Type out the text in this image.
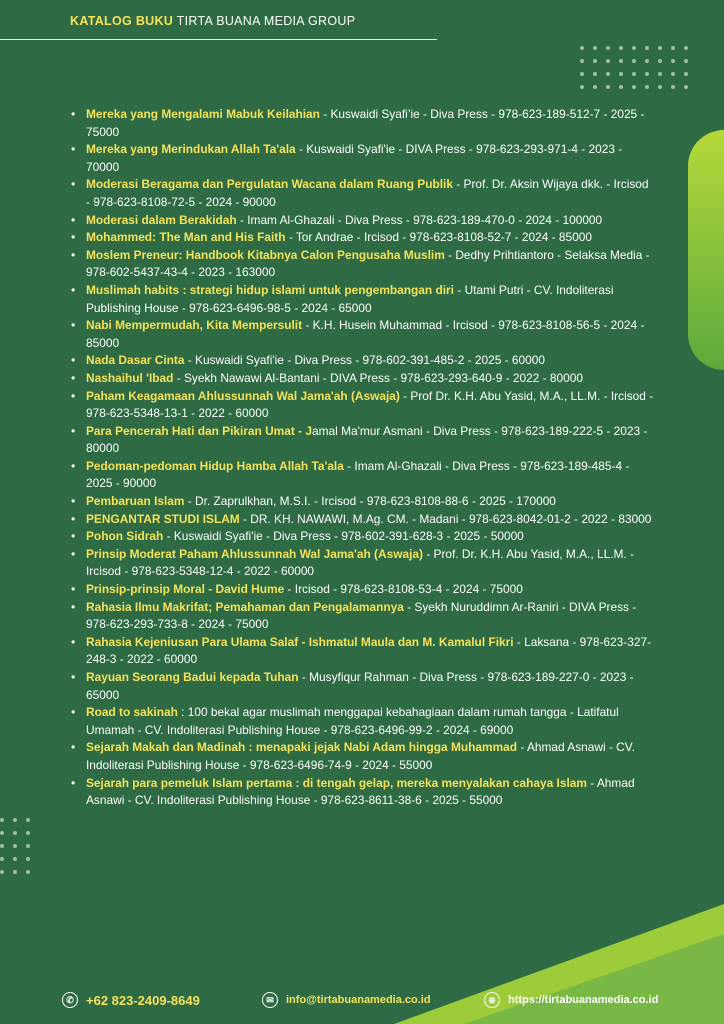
KATALOG BUKU TIRTA BUANA MEDIA GROUP
• Mereka yang Mengalami Mabuk Keilahian - Kuswaidi Syafi’ie - Diva Press - 978-623-189-512-7 - 2025 - 75000
• Mereka yang Merindukan Allah Ta'ala - Kuswaidi Syafi'ie - DIVA Press - 978-623-293-971-4 - 2023 - 70000
• Moderasi Beragama dan Pergulatan Wacana dalam Ruang Publik - Prof. Dr. Aksin Wijaya dkk. - Ircisod - 978-623-8108-72-5 - 2024 - 90000
• Moderasi dalam Berakidah - Imam Al-Ghazali - Diva Press - 978-623-189-470-0 - 2024 - 100000
• Mohammed: The Man and His Faith - Tor Andrae - Ircisod - 978-623-8108-52-7 - 2024 - 85000
• Moslem Preneur: Handbook Kitabnya Calon Pengusaha Muslim - Dedhy Prihtiantoro - Selaksa Media - 978-602-5437-43-4 - 2023 - 163000
• Muslimah habits : strategi hidup islami untuk pengembangan diri - Utami Putri - CV. Indoliterasi Publishing House - 978-623-6496-98-5 - 2024 - 65000
• Nabi Mempermudah, Kita Mempersulit - K.H. Husein Muhammad - Ircisod - 978-623-8108-56-5 - 2024 - 85000
• Nada Dasar Cinta - Kuswaidi Syafi'ie - Diva Press - 978-602-391-485-2 - 2025 - 60000
• Nashaihul 'Ibad - Syekh Nawawi Al-Bantani - DIVA Press - 978-623-293-640-9 - 2022 - 80000
• Paham Keagamaan Ahlussunnah Wal Jama'ah (Aswaja) - Prof Dr. K.H. Abu Yasid, M.A., LL.M. - Ircisod - 978-623-5348-13-1 - 2022 - 60000
• Para Pencerah Hati dan Pikiran Umat - Jamal Ma'mur Asmani - Diva Press - 978-623-189-222-5 - 2023 - 80000
• Pedoman-pedoman Hidup Hamba Allah Ta'ala - Imam Al-Ghazali - Diva Press - 978-623-189-485-4 - 2025 - 90000
• Pembaruan Islam - Dr. Zaprulkhan, M.S.I. - Ircisod - 978-623-8108-88-6 - 2025 - 170000
• PENGANTAR STUDI ISLAM - DR. KH. NAWAWI, M.Ag. CM. - Madani - 978-623-8042-01-2 - 2022 - 83000
• Pohon Sidrah - Kuswaidi Syafi'ie - Diva Press - 978-602-391-628-3 - 2025 - 50000
• Prinsip Moderat Paham Ahlussunnah Wal Jama'ah (Aswaja) - Prof. Dr. K.H. Abu Yasid, M.A., LL.M. - Ircisod - 978-623-5348-12-4 - 2022 - 60000
• Prinsip-prinsip Moral - David Hume - Ircisod - 978-623-8108-53-4 - 2024 - 75000
• Rahasia Ilmu Makrifat; Pemahaman dan Pengalamannya - Syekh Nuruddimn Ar-Raniri - DIVA Press - 978-623-293-733-8 - 2024 - 75000
• Rahasia Kejeniusan Para Ulama Salaf - Ishmatul Maula dan M. Kamalul Fikri - Laksana - 978-623-327-248-3 - 2022 - 60000
• Rayuan Seorang Badui kepada Tuhan - Musyfiqur Rahman - Diva Press - 978-623-189-227-0 - 2023 - 65000
• Road to sakinah : 100 bekal agar muslimah menggapai kebahagiaan dalam rumah tangga - Latifatul Umamah - CV. Indoliterasi Publishing House - 978-623-6496-99-2 - 2024 - 69000
• Sejarah Makah dan Madinah : menapaki jejak Nabi Adam hingga Muhammad - Ahmad Asnawi - CV. Indoliterasi Publishing House - 978-623-6496-74-9 - 2024 - 55000
• Sejarah para pemeluk Islam pertama : di tengah gelap, mereka menyalakan cahaya Islam - Ahmad Asnawi - CV. Indoliterasi Publishing House - 978-623-8611-38-6 - 2025 - 55000
✆ +62 823-2409-8649	✉	info@tirtabuanamedia.co.id	⊕	https://tirtabuanamedia.co.id
